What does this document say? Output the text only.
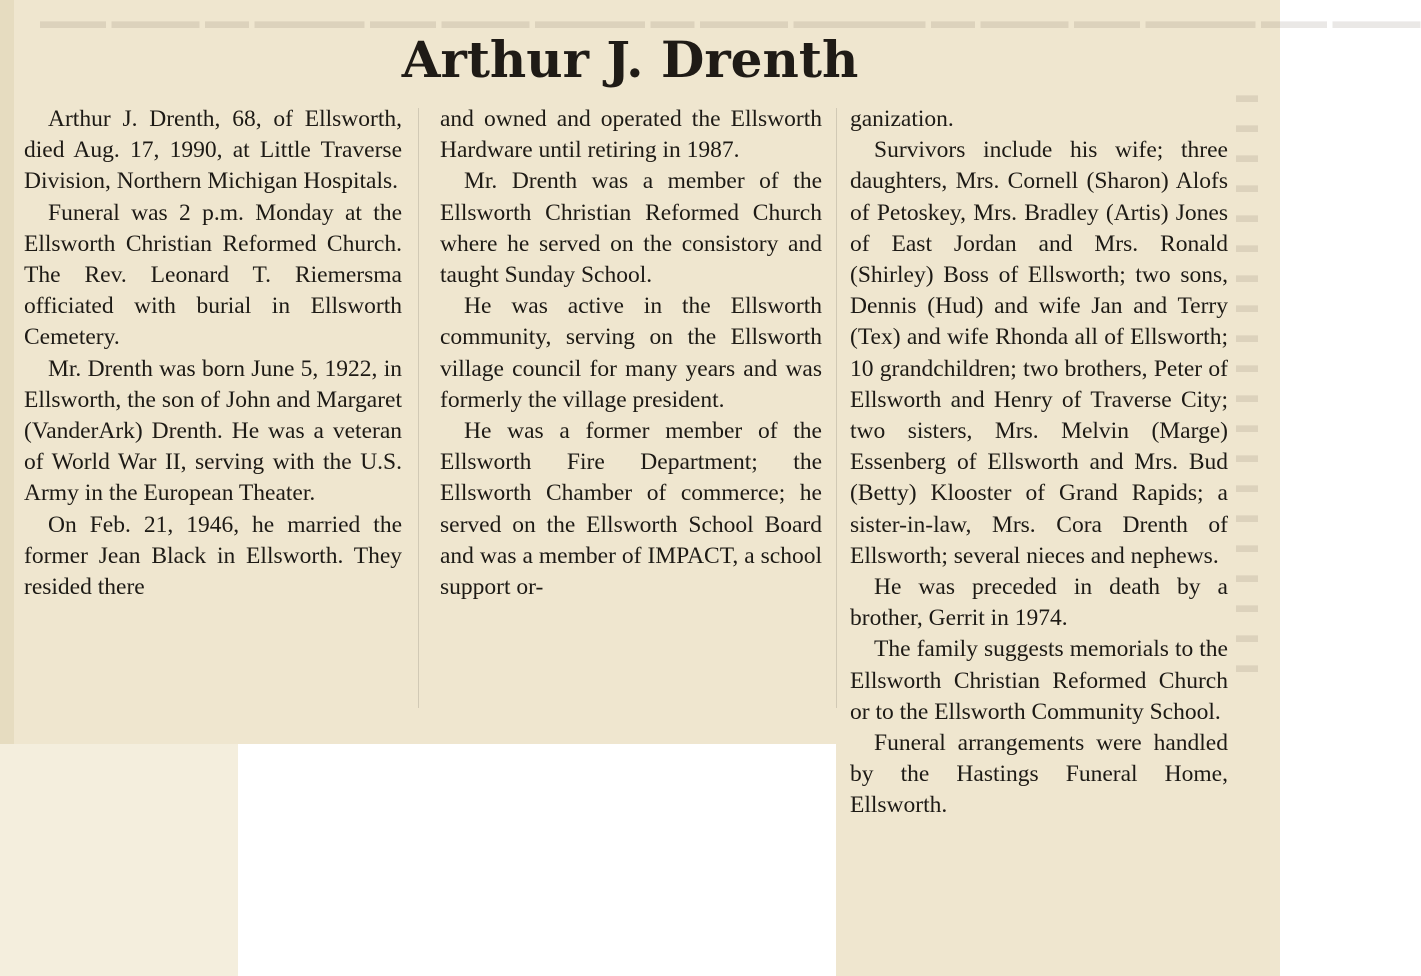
▬▬▬ ▬▬▬▬ ▬▬ ▬▬▬▬▬ ▬▬▬ ▬▬▬▬ ▬▬▬▬▬ ▬▬ ▬▬▬▬ ▬▬▬▬▬▬ ▬▬ ▬▬▬▬ ▬▬▬ ▬▬▬▬▬ ▬▬▬ ▬▬▬▬
▬
▬
▬
▬
▬
▬
▬
▬
▬
▬
▬
▬
▬
▬
▬
▬
▬
▬
▬
▬
Arthur J. Drenth

Arthur J. Drenth, 68, of Ellsworth, died Aug. 17, 1990, at Little Traverse Division, Northern Michigan Hospitals.

Funeral was 2 p.m. Monday at the Ellsworth Christian Reformed Church. The Rev. Leonard T. Riemersma officiated with burial in Ellsworth Cemetery.

Mr. Drenth was born June 5, 1922, in Ellsworth, the son of John and Margaret (VanderArk) Drenth. He was a veteran of World War II, serving with the U.S. Army in the European Theater.

On Feb. 21, 1946, he married the former Jean Black in Ellsworth. They resided there

and owned and operated the Ellsworth Hardware until retiring in 1987.

Mr. Drenth was a member of the Ellsworth Christian Reformed Church where he served on the consistory and taught Sunday School.

He was active in the Ellsworth community, serving on the Ellsworth village council for many years and was formerly the village president.

He was a former member of the Ellsworth Fire Department; the Ellsworth Chamber of commerce; he served on the Ellsworth School Board and was a member of IMPACT, a school support or-

ganization.

Survivors include his wife; three daughters, Mrs. Cornell (Sharon) Alofs of Petoskey, Mrs. Bradley (Artis) Jones of East Jordan and Mrs. Ronald (Shirley) Boss of Ellsworth; two sons, Dennis (Hud) and wife Jan and Terry (Tex) and wife Rhonda all of Ellsworth; 10 grandchildren; two brothers, Peter of Ellsworth and Henry of Traverse City; two sisters, Mrs. Melvin (Marge) Essenberg of Ellsworth and Mrs. Bud (Betty) Klooster of Grand Rapids; a sister-in-law, Mrs. Cora Drenth of Ellsworth; several nieces and nephews.

He was preceded in death by a brother, Gerrit in 1974.

The family suggests memorials to the Ellsworth Christian Reformed Church or to the Ellsworth Community School.

Funeral arrangements were handled by the Hastings Funeral Home, Ellsworth.
